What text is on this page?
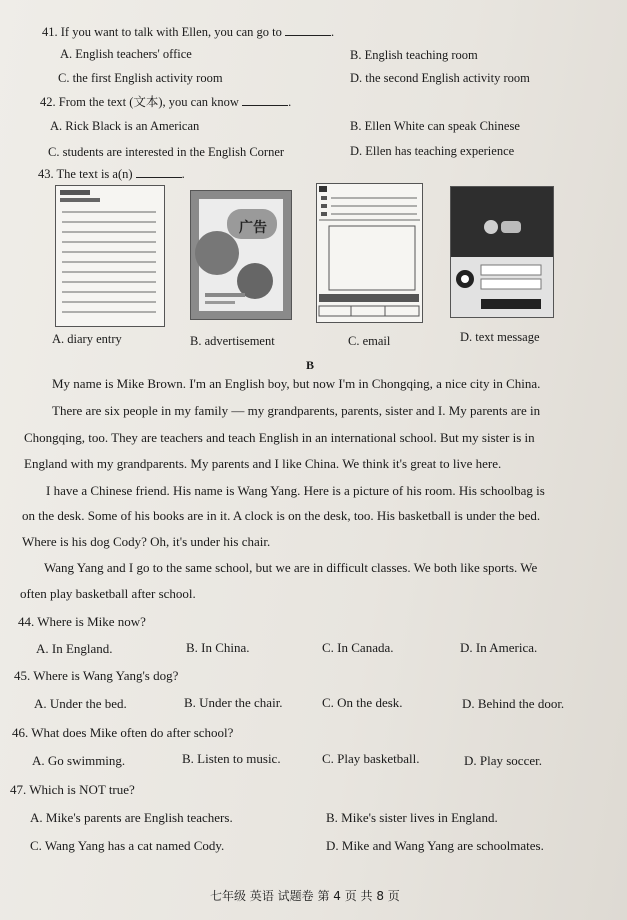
41. If you want to talk with Ellen, you can go to	.
A. English teachers' office	B. English teaching room
C. the first English activity room	D. the second English activity room
42. From the text (文本), you can know	.
A. Rick Black is an American	B. Ellen White can speak Chinese
C. students are interested in the English Corner	D. Ellen has teaching experience
43. The text is a(n)	.
广告
A. diary entry	B. advertisement	C. email	D. text message
B
My name is Mike Brown. I'm an English boy, but now I'm in Chongqing, a nice city in China.
There are six people in my family — my grandparents, parents, sister and I. My parents are in
Chongqing, too. They are teachers and teach English in an international school. But my sister is in
England with my grandparents. My parents and I like China. We think it's great to live here.
I have a Chinese friend. His name is Wang Yang. Here is a picture of his room. His schoolbag is
on the desk. Some of his books are in it. A clock is on the desk, too. His basketball is under the bed.
Where is his dog Cody? Oh, it's under his chair.
Wang Yang and I go to the same school, but we are in difficult classes. We both like sports. We
often play basketball after school.
44. Where is Mike now?
A. In England.	B. In China.	C. In Canada.	D. In America.
45. Where is Wang Yang's dog?
A. Under the bed.	B. Under the chair.	C. On the desk.	D. Behind the door.
46. What does Mike often do after school?
A. Go swimming.	B. Listen to music.	C. Play basketball.	D. Play soccer.
47. Which is NOT true?
A. Mike's parents are English teachers.	B. Mike's sister lives in England.
C. Wang Yang has a cat named Cody.	D. Mike and Wang Yang are schoolmates.
七年级 英语 试题卷 第 4 页 共 8 页
